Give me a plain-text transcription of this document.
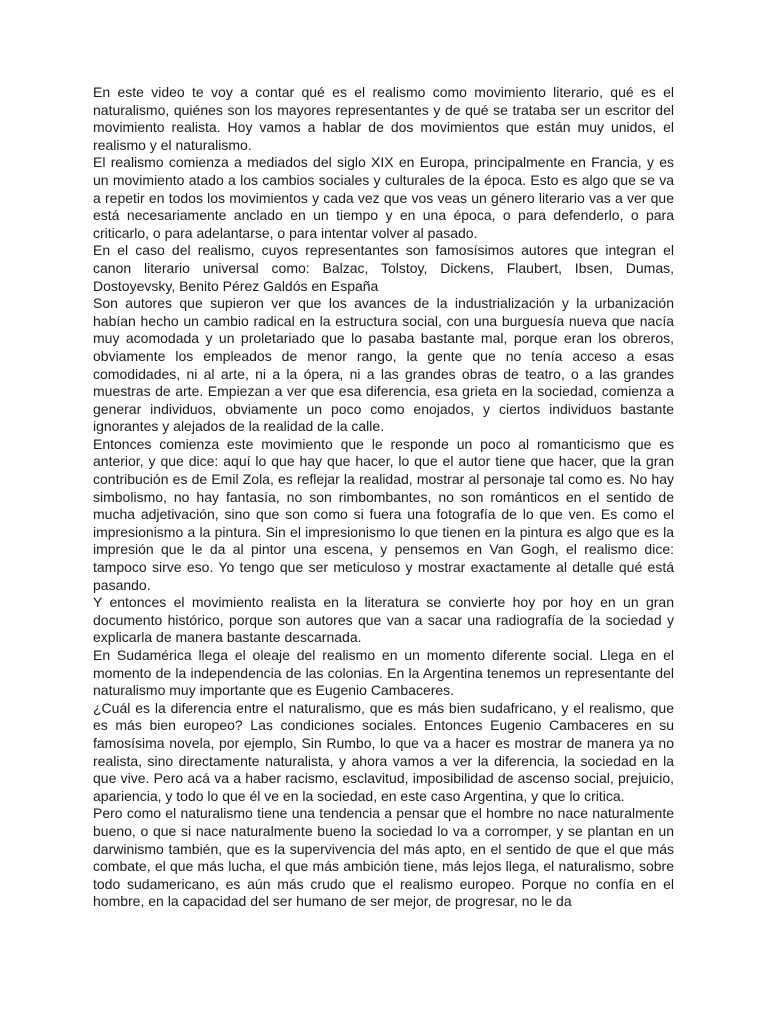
En este video te voy a contar qué es el realismo como movimiento literario, qué es el naturalismo, quiénes son los mayores representantes y de qué se trataba ser un escritor del movimiento realista. Hoy vamos a hablar de dos movimientos que están muy unidos, el realismo y el naturalismo.

El realismo comienza a mediados del siglo XIX en Europa, principalmente en Francia, y es un movimiento atado a los cambios sociales y culturales de la época. Esto es algo que se va a repetir en todos los movimientos y cada vez que vos veas un género literario vas a ver que está necesariamente anclado en un tiempo y en una época, o para defenderlo, o para criticarlo, o para adelantarse, o para intentar volver al pasado.

En el caso del realismo, cuyos representantes son famosísimos autores que integran el canon literario universal como: Balzac, Tolstoy, Dickens, Flaubert, Ibsen, Dumas, Dostoyevsky, Benito Pérez Galdós en España

Son autores que supieron ver que los avances de la industrialización y la urbanización habían hecho un cambio radical en la estructura social, con una burguesía nueva que nacía muy acomodada y un proletariado que lo pasaba bastante mal, porque eran los obreros, obviamente los empleados de menor rango, la gente que no tenía acceso a esas comodidades, ni al arte, ni a la ópera, ni a las grandes obras de teatro, o a las grandes muestras de arte. Empiezan a ver que esa diferencia, esa grieta en la sociedad, comienza a generar individuos, obviamente un poco como enojados, y ciertos individuos bastante ignorantes y alejados de la realidad de la calle.

Entonces comienza este movimiento que le responde un poco al romanticismo que es anterior, y que dice: aquí lo que hay que hacer, lo que el autor tiene que hacer, que la gran contribución es de Emil Zola, es reflejar la realidad, mostrar al personaje tal como es. No hay simbolismo, no hay fantasía, no son rimbombantes, no son románticos en el sentido de mucha adjetivación, sino que son como si fuera una fotografía de lo que ven. Es como el impresionismo a la pintura. Sin el impresionismo lo que tienen en la pintura es algo que es la impresión que le da al pintor una escena, y pensemos en Van Gogh, el realismo dice: tampoco sirve eso. Yo tengo que ser meticuloso y mostrar exactamente al detalle qué está pasando.

Y entonces el movimiento realista en la literatura se convierte hoy por hoy en un gran documento histórico, porque son autores que van a sacar una radiografía de la sociedad y explicarla de manera bastante descarnada.

En Sudamérica llega el oleaje del realismo en un momento diferente social. Llega en el momento de la independencia de las colonias. En la Argentina tenemos un representante del naturalismo muy importante que es Eugenio Cambaceres.

¿Cuál es la diferencia entre el naturalismo, que es más bien sudafricano, y el realismo, que es más bien europeo? Las condiciones sociales. Entonces Eugenio Cambaceres en su famosísima novela, por ejemplo, Sin Rumbo, lo que va a hacer es mostrar de manera ya no realista, sino directamente naturalista, y ahora vamos a ver la diferencia, la sociedad en la que vive. Pero acá va a haber racismo, esclavitud, imposibilidad de ascenso social, prejuicio, apariencia, y todo lo que él ve en la sociedad, en este caso Argentina, y que lo critica.

Pero como el naturalismo tiene una tendencia a pensar que el hombre no nace naturalmente bueno, o que si nace naturalmente bueno la sociedad lo va a corromper, y se plantan en un darwinismo también, que es la supervivencia del más apto, en el sentido de que el que más combate, el que más lucha, el que más ambición tiene, más lejos llega, el naturalismo, sobre todo sudamericano, es aún más crudo que el realismo europeo. Porque no confía en el hombre, en la capacidad del ser humano de ser mejor, de progresar, no le da
